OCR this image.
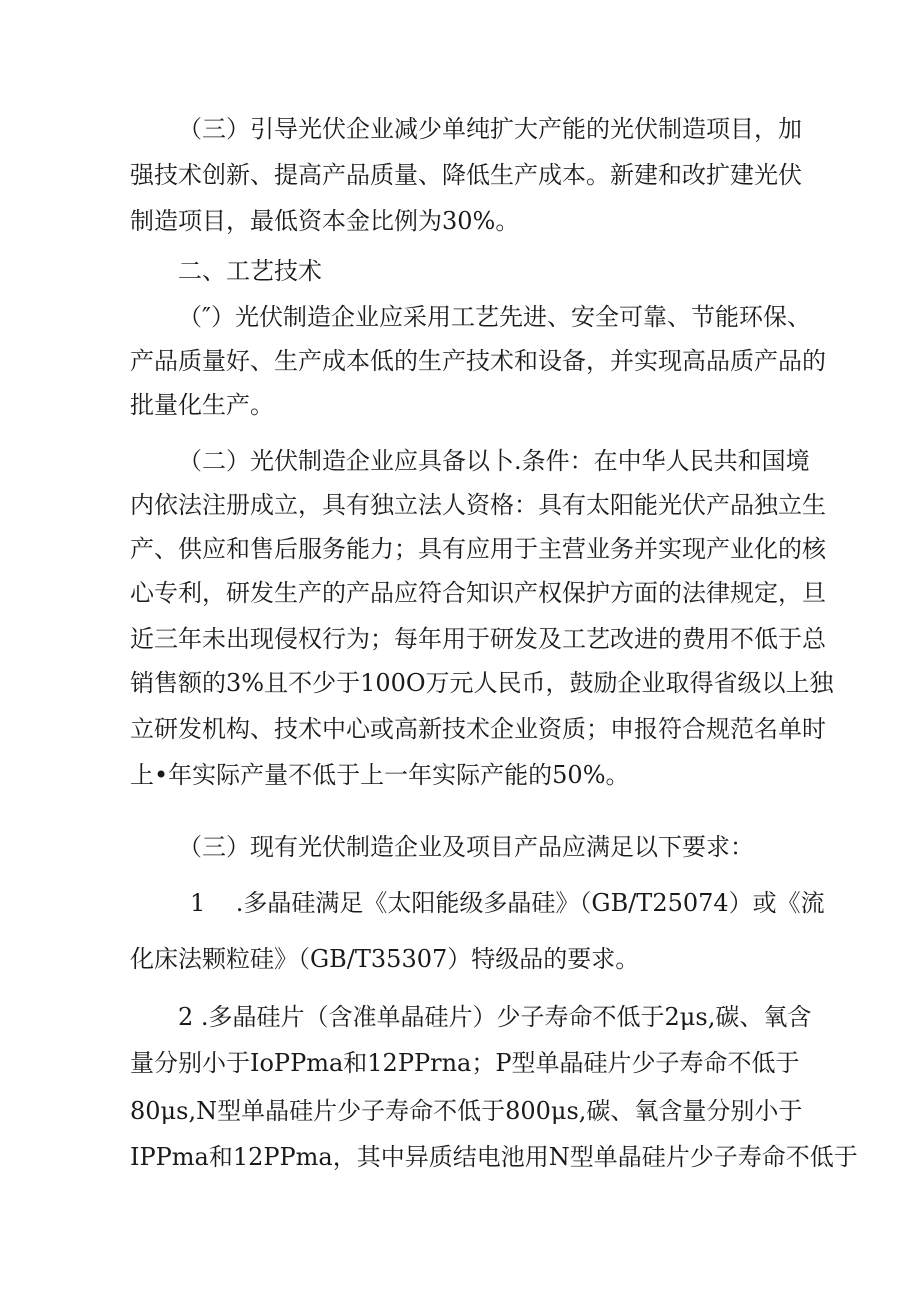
（三）引导光伏企业减少单纯扩大产能的光伏制造项目，加
强技术创新、提高产品质量、降低生产成本。新建和改扩建光伏
制造项目，最低资本金比例为30%。
二、工艺技术
（″）光伏制造企业应采用工艺先进、安全可靠、节能环保、
产品质量好、生产成本低的生产技术和设备，并实现高品质产品的
批量化生产。
（二）光伏制造企业应具备以卜.条件：在中华人民共和国境
内依法注册成立，具有独立法人资格：具有太阳能光伏产品独立生
产、供应和售后服务能力；具有应用于主营业务并实现产业化的核
心专利，研发生产的产品应符合知识产权保护方面的法律规定，旦
近三年未出现侵权行为；每年用于研发及工艺改进的费用不低于总
销售额的3%且不少于100O万元人民币，鼓励企业取得省级以上独
立研发机构、技术中心或高新技术企业资质；申报符合规范名单时
上•年实际产量不低于上一年实际产能的50%。
（三）现有光伏制造企业及项目产品应满足以下要求：
1    .多晶硅满足《太阳能级多晶硅》（GB/T25074）或《流
化床法颗粒硅》（GB/T35307）特级品的要求。
2 .多晶硅片（含准单晶硅片）少子寿命不低于2μs,碳、氧含
量分别小于IoPPma和12PPrna；P型单晶硅片少子寿命不低于
80μs,N型单晶硅片少子寿命不低于800μs,碳、氧含量分别小于
IPPma和12PPma，其中异质结电池用N型单晶硅片少子寿命不低于
